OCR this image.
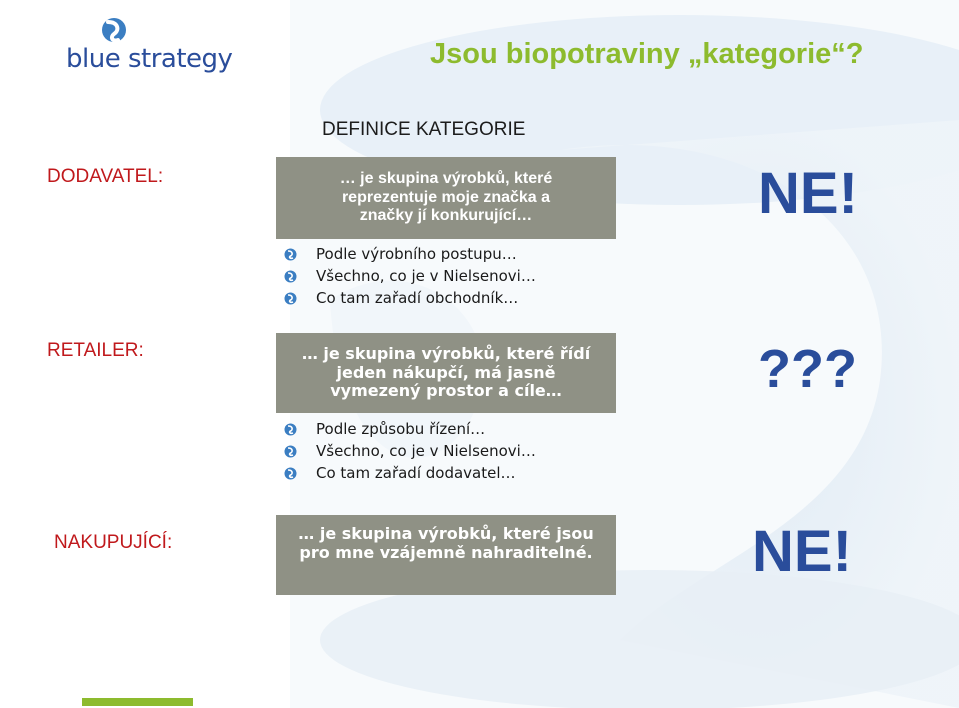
blue strategy	Jsou biopotraviny „kategorie“?
DEFINICE KATEGORIE
DODAVATEL:	… je skupina výrobků, které
reprezentuje moje značka a
značky jí konkurující…
Podle výrobního postupu…
Všechno, co je v Nielsenovi…
Co tam zařadí obchodník…
NE!
RETAILER:	… je skupina výrobků, které řídí
jeden nákupčí, má jasně
vymezený prostor a cíle…
Podle způsobu řízení…
Všechno, co je v Nielsenovi…
Co tam zařadí dodavatel…
???
NAKUPUJÍCÍ:	… je skupina výrobků, které jsou
pro mne vzájemně nahraditelné.	NE!
